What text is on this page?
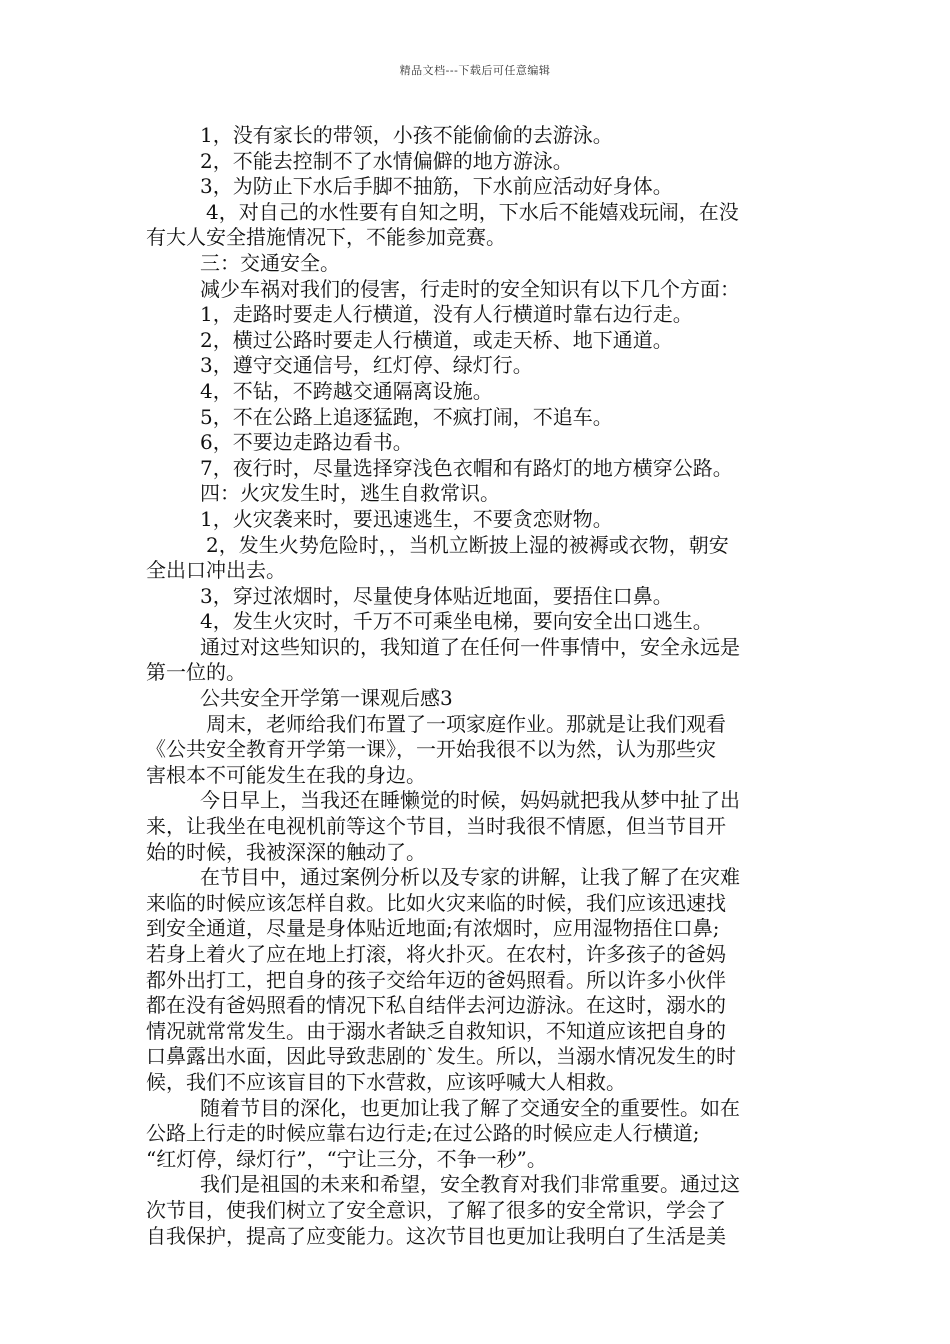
精品文档---下载后可任意编辑
1，没有家长的带领，小孩不能偷偷的去游泳。
2，不能去控制不了水情偏僻的地方游泳。
3，为防止下水后手脚不抽筋，下水前应活动好身体。
4，对自己的水性要有自知之明，下水后不能嬉戏玩闹，在没
有大人安全措施情况下，不能参加竞赛。
三：交通安全。
减少车祸对我们的侵害，行走时的安全知识有以下几个方面：
1，走路时要走人行横道，没有人行横道时靠右边行走。
2，横过公路时要走人行横道，或走天桥、地下通道。
3，遵守交通信号，红灯停、绿灯行。
4，不钻，不跨越交通隔离设施。
5，不在公路上追逐猛跑，不疯打闹，不追车。
6，不要边走路边看书。
7，夜行时，尽量选择穿浅色衣帽和有路灯的地方横穿公路。
四：火灾发生时，逃生自救常识。
1，火灾袭来时，要迅速逃生，不要贪恋财物。
2，发生火势危险时，，当机立断披上湿的被褥或衣物，朝安
全出口冲出去。
3，穿过浓烟时，尽量使身体贴近地面，要捂住口鼻。
4，发生火灾时，千万不可乘坐电梯，要向安全出口逃生。
通过对这些知识的，我知道了在任何一件事情中，安全永远是
第一位的。
公共安全开学第一课观后感3
周末，老师给我们布置了一项家庭作业。那就是让我们观看
《公共安全教育开学第一课》，一开始我很不以为然，认为那些灾
害根本不可能发生在我的身边。
今日早上，当我还在睡懒觉的时候，妈妈就把我从梦中扯了出
来，让我坐在电视机前等这个节目，当时我很不情愿，但当节目开
始的时候，我被深深的触动了。
在节目中，通过案例分析以及专家的讲解，让我了解了在灾难
来临的时候应该怎样自救。比如火灾来临的时候，我们应该迅速找
到安全通道，尽量是身体贴近地面;有浓烟时，应用湿物捂住口鼻;
若身上着火了应在地上打滚，将火扑灭。在农村，许多孩子的爸妈
都外出打工，把自身的孩子交给年迈的爸妈照看。所以许多小伙伴
都在没有爸妈照看的情况下私自结伴去河边游泳。在这时，溺水的
情况就常常发生。由于溺水者缺乏自救知识，不知道应该把自身的
口鼻露出水面，因此导致悲剧的`发生。所以，当溺水情况发生的时
候，我们不应该盲目的下水营救，应该呼喊大人相救。
随着节目的深化，也更加让我了解了交通安全的重要性。如在
公路上行走的时候应靠右边行走;在过公路的时候应走人行横道;
“红灯停，绿灯行”，“宁让三分，不争一秒”。
我们是祖国的未来和希望，安全教育对我们非常重要。通过这
次节目，使我们树立了安全意识，了解了很多的安全常识，学会了
自我保护，提高了应变能力。这次节目也更加让我明白了生活是美
